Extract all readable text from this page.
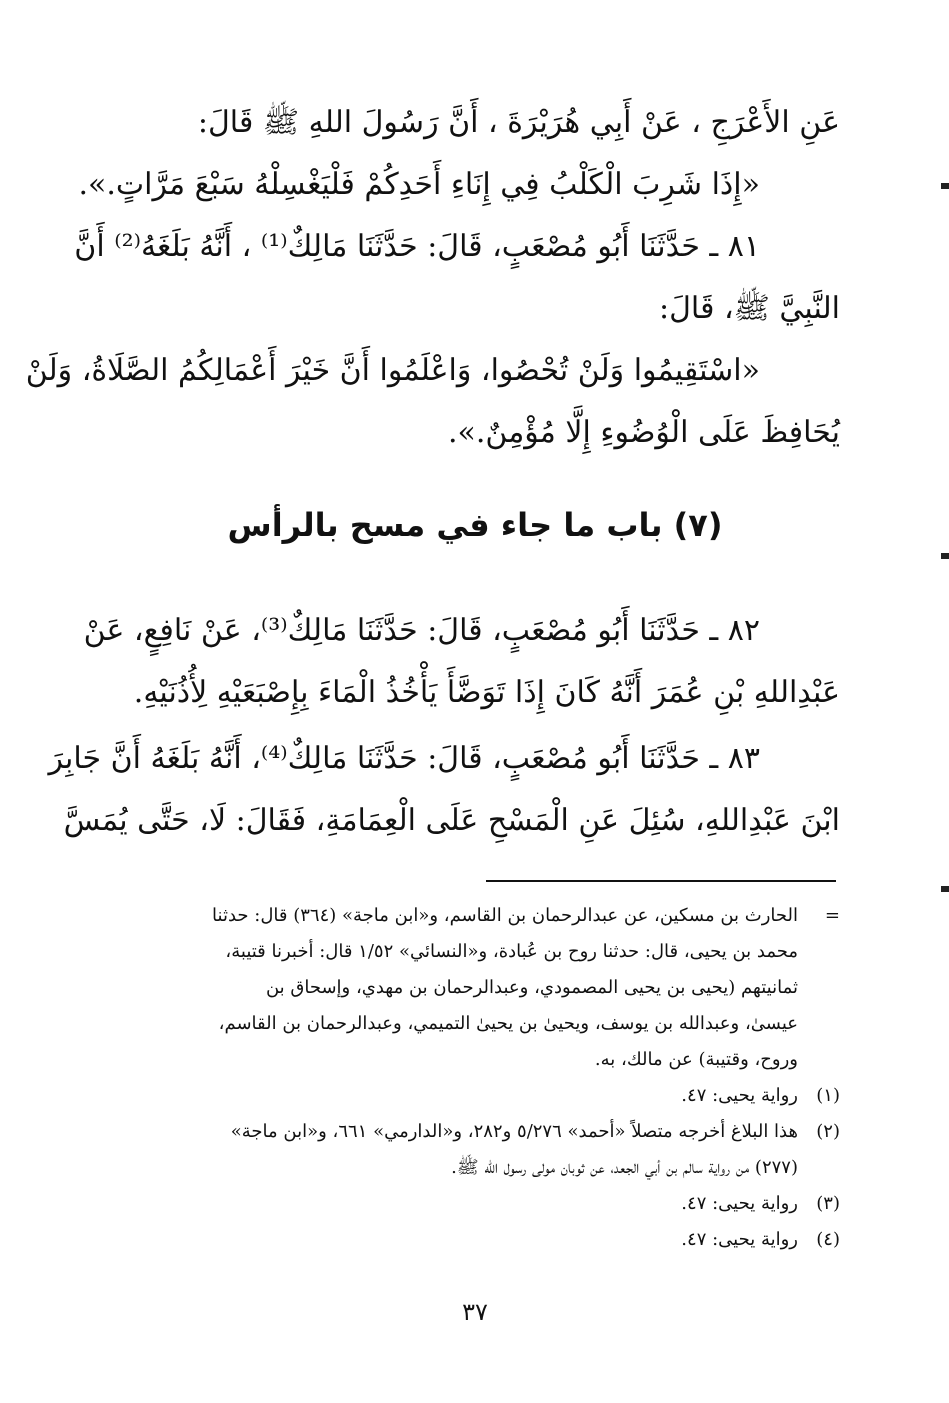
عَنِ الأَعْرَجِ ، عَنْ أَبِي هُرَيْرَةَ ، أَنَّ رَسُولَ اللهِ ﷺ قَالَ:
«إِذَا شَرِبَ الْكَلْبُ فِي إِنَاءِ أَحَدِكُمْ فَلْيَغْسِلْهُ سَبْعَ مَرَّاتٍ.».
٨١ ـ حَدَّثَنَا أَبُو مُصْعَبٍ، قَالَ: حَدَّثَنَا مَالِكٌ⁽¹⁾ ، أَنَّهُ بَلَغَهُ⁽²⁾ أَنَّ
النَّبِيَّ ﷺ، قَالَ:
«اسْتَقِيمُوا وَلَنْ تُحْصُوا، وَاعْلَمُوا أَنَّ خَيْرَ أَعْمَالِكُمُ الصَّلَاةُ، وَلَنْ
يُحَافِظَ عَلَى الْوُضُوءِ إِلَّا مُؤْمِنٌ.».
(٧) باب ما جاء في مسح بالرأس
٨٢ ـ حَدَّثَنَا أَبُو مُصْعَبٍ، قَالَ: حَدَّثَنَا مَالِكٌ⁽³⁾، عَنْ نَافِعٍ، عَنْ
عَبْدِاللهِ بْنِ عُمَرَ أَنَّهُ كَانَ إِذَا تَوَضَّأَ يَأْخُذُ الْمَاءَ بِإِصْبَعَيْهِ لِأُذُنَيْهِ.
٨٣ ـ حَدَّثَنَا أَبُو مُصْعَبٍ، قَالَ: حَدَّثَنَا مَالِكٌ⁽⁴⁾، أَنَّهُ بَلَغَهُ أَنَّ جَابِرَ
ابْنَ عَبْدِاللهِ، سُئِلَ عَنِ الْمَسْحِ عَلَى الْعِمَامَةِ، فَقَالَ: لَا، حَتَّى يُمَسَّ
=
الحارث بن مسكين، عن عبدالرحمان بن القاسم، و«ابن ماجة» (٣٦٤) قال: حدثنا
محمد بن يحيى، قال: حدثنا روح بن عُبادة، و«النسائي» ١/٥٢ قال: أخبرنا قتيبة،
ثمانيتهم (يحيى بن يحيى المصمودي، وعبدالرحمان بن مهدي، وإسحاق بن
عيسىٰ، وعبدالله بن يوسف، ويحيىٰ بن يحيىٰ التميمي، وعبدالرحمان بن القاسم،
وروح، وقتيبة) عن مالك، به.
(١)
رواية يحيى: ٤٧.
(٢)
هذا البلاغ أخرجه متصلاً «أحمد» ٥/٢٧٦ و٢٨٢، و«الدارمي» ٦٦١، و«ابن ماجة»
(٢٧٧) من رواية سالم بن أبي الجعد، عن ثوبان مولى رسول الله ﷺ.
(٣)
رواية يحيى: ٤٧.
(٤)
رواية يحيى: ٤٧.
٣٧
